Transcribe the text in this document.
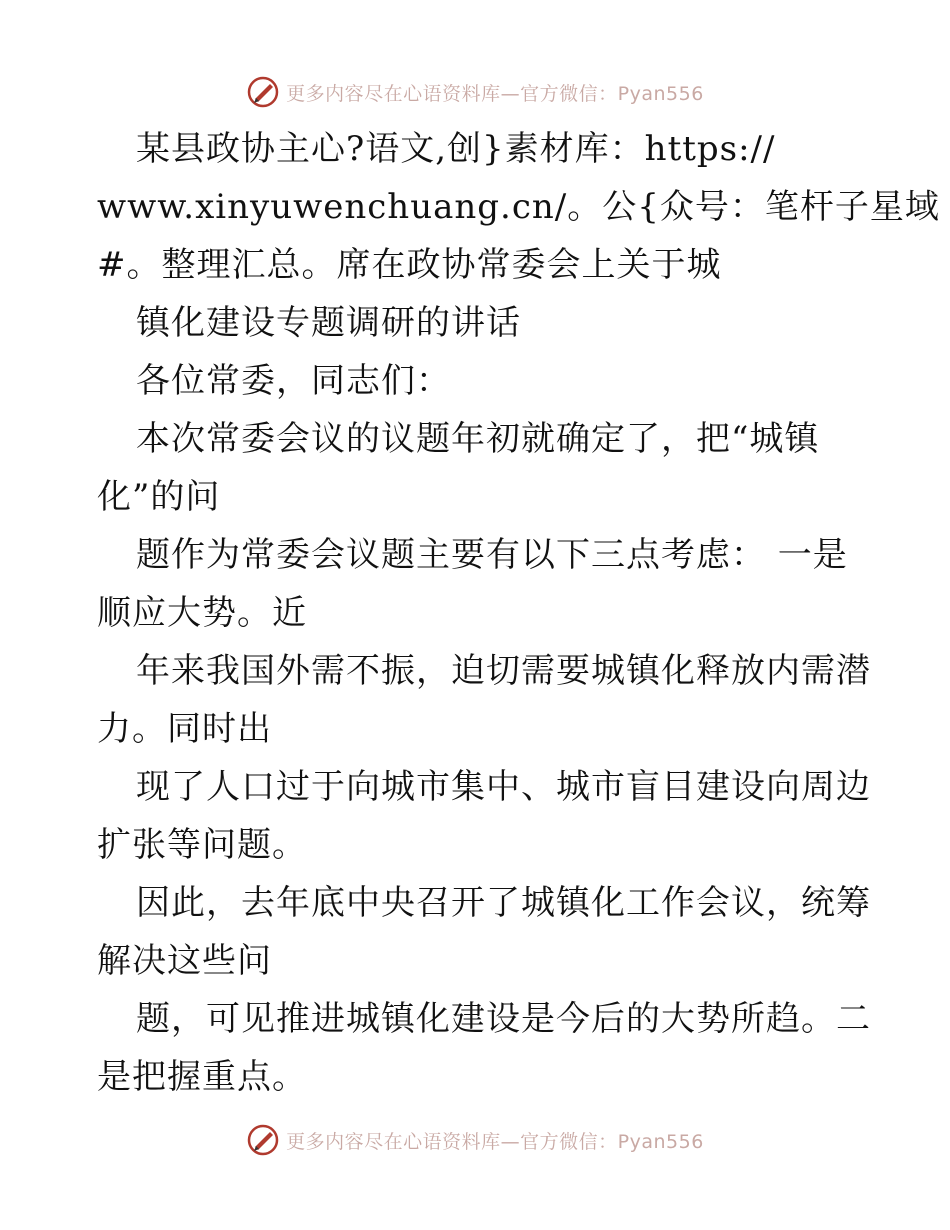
更多内容尽在心语资料库—官方微信：Pyan556
某县政协主心?语文,创}素材库：https://
www.xinyuwenchuang.cn/。公{众号：笔杆子星域
#。整理汇总。席在政协常委会上关于城
镇化建设专题调研的讲话
各位常委，同志们：
本次常委会议的议题年初就确定了，把“城镇
化”的问
题作为常委会议题主要有以下三点考虑： 一是
顺应大势。近
年来我国外需不振，迫切需要城镇化释放内需潜
力。同时出
现了人口过于向城市集中、城市盲目建设向周边
扩张等问题。
因此，去年底中央召开了城镇化工作会议，统筹
解决这些问
题，可见推进城镇化建设是今后的大势所趋。二
是把握重点。
更多内容尽在心语资料库—官方微信：Pyan556
